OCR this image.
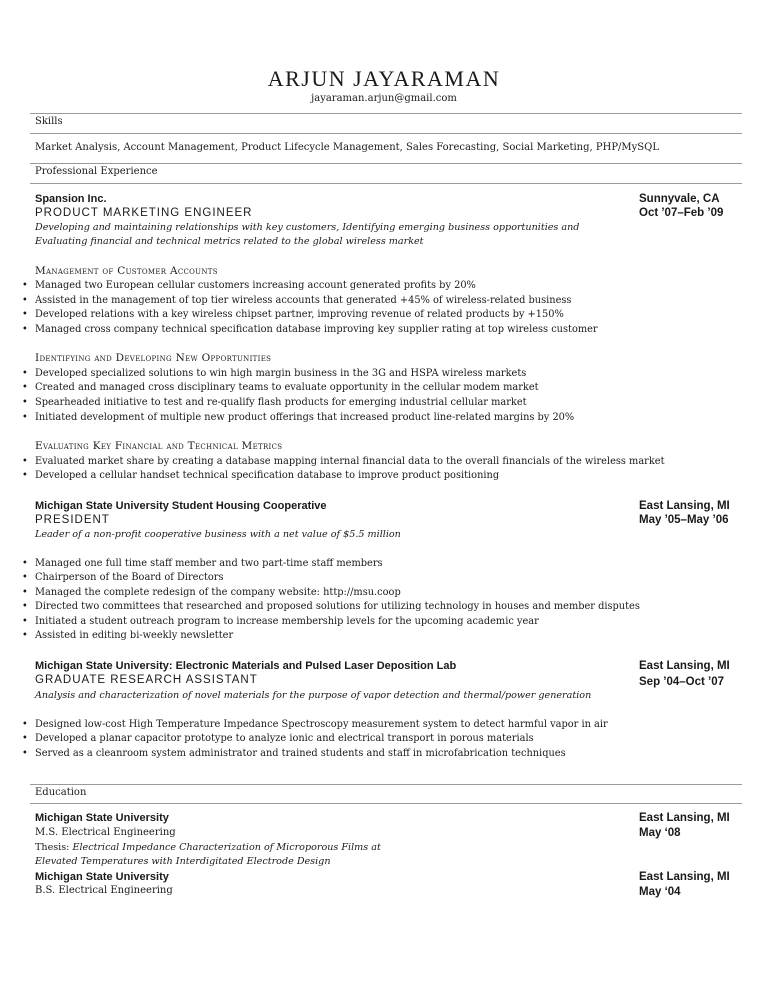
ARJUN JAYARAMAN
jayaraman.arjun@gmail.com
Skills
Market Analysis, Account Management, Product Lifecycle Management, Sales Forecasting, Social Marketing, PHP/MySQL
Professional Experience
Spansion Inc.	Sunnyvale, CA
PRODUCT MARKETING ENGINEER	Oct ’07–Feb ’09
Developing and maintaining relationships with key customers, Identifying emerging business opportunities and
Evaluating financial and technical metrics related to the global wireless market
Management of Customer Accounts
• Managed two European cellular customers increasing account generated profits by 20%
• Assisted in the management of top tier wireless accounts that generated +45% of wireless-related business
• Developed relations with a key wireless chipset partner, improving revenue of related products by +150%
• Managed cross company technical specification database improving key supplier rating at top wireless customer
Identifying and Developing New Opportunities
• Developed specialized solutions to win high margin business in the 3G and HSPA wireless markets
• Created and managed cross disciplinary teams to evaluate opportunity in the cellular modem market
• Spearheaded initiative to test and re-qualify flash products for emerging industrial cellular market
• Initiated development of multiple new product offerings that increased product line-related margins by 20%
Evaluating Key Financial and Technical Metrics
• Evaluated market share by creating a database mapping internal financial data to the overall financials of the wireless market
• Developed a cellular handset technical specification database to improve product positioning
Michigan State University Student Housing Cooperative	East Lansing, MI
PRESIDENT	May ’05–May ’06
Leader of a non-profit cooperative business with a net value of $5.5 million
• Managed one full time staff member and two part-time staff members
• Chairperson of the Board of Directors
• Managed the complete redesign of the company website: http://msu.coop
• Directed two committees that researched and proposed solutions for utilizing technology in houses and member disputes
• Initiated a student outreach program to increase membership levels for the upcoming academic year
• Assisted in editing bi-weekly newsletter
Michigan State University: Electronic Materials and Pulsed Laser Deposition Lab	East Lansing, MI
GRADUATE RESEARCH ASSISTANT	Sep ’04–Oct ’07
Analysis and characterization of novel materials for the purpose of vapor detection and thermal/power generation
• Designed low-cost High Temperature Impedance Spectroscopy measurement system to detect harmful vapor in air
• Developed a planar capacitor prototype to analyze ionic and electrical transport in porous materials
• Served as a cleanroom system administrator and trained students and staff in microfabrication techniques
Education
Michigan State University	East Lansing, MI
M.S. Electrical Engineering	May ‘08
Thesis: Electrical Impedance Characterization of Microporous Films at
Elevated Temperatures with Interdigitated Electrode Design
Michigan State University	East Lansing, MI
B.S. Electrical Engineering	May ‘04
